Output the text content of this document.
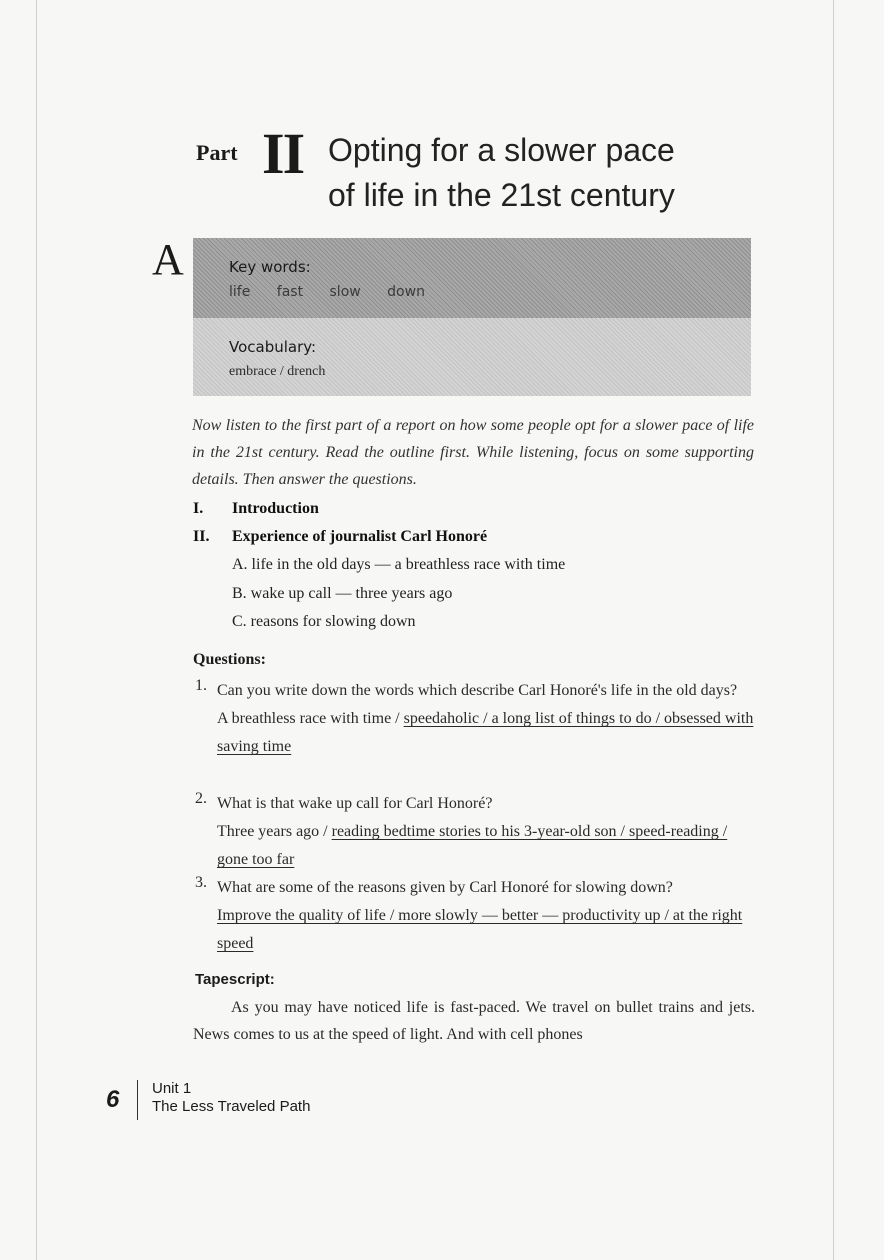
Part II Opting for a slower pace
of life in the 21st century
A	Key words:
life fast slow down
Vocabulary:
embrace / drench
Now listen to the first part of a report on how some people opt for a slower pace of life in the 21st century. Read the outline first. While listening, focus on some supporting details. Then answer the questions.
I. Introduction
II. Experience of journalist Carl Honoré
A. life in the old days — a breathless race with time
B. wake up call — three years ago
C. reasons for slowing down
Questions:
1. Can you write down the words which describe Carl Honoré's life in the old days?
A breathless race with time / speedaholic / a long list of things to do / obsessed with saving time
2. What is that wake up call for Carl Honoré?
Three years ago / reading bedtime stories to his 3-year-old son / speed-reading / gone too far
3. What are some of the reasons given by Carl Honoré for slowing down?
Improve the quality of life / more slowly — better — productivity up / at the right speed
Tapescript:
As you may have noticed life is fast-paced. We travel on bullet trains and jets. News comes to us at the speed of light. And with cell phones
6 Unit 1
The Less Traveled Path
